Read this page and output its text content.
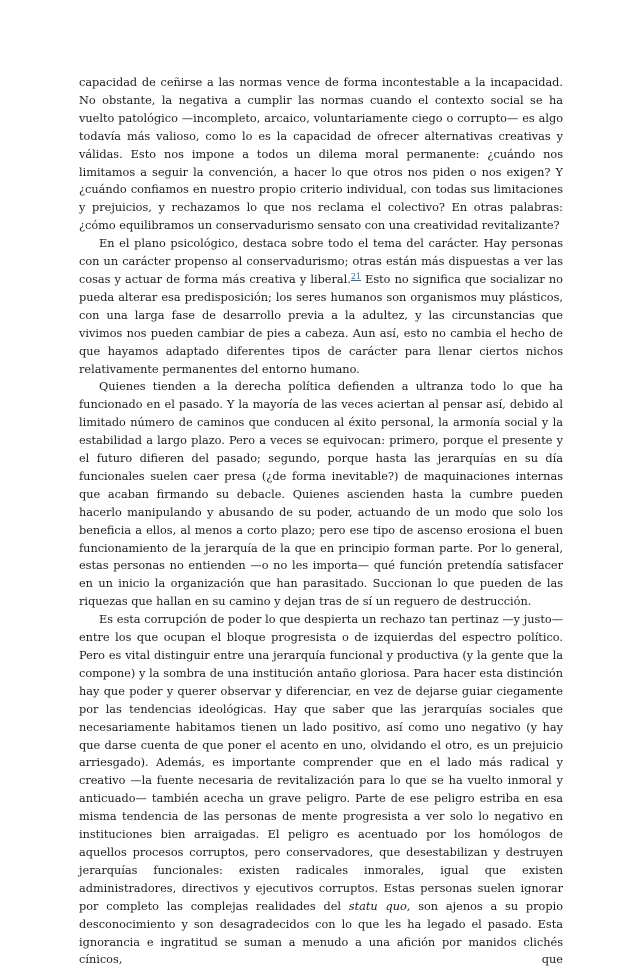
capacidad de ceñirse a las normas vence de forma incontestable a la incapacidad. No obstante, la negativa a cumplir las normas cuando el contexto social se ha vuelto patológico —incompleto, arcaico, voluntariamente ciego o corrupto— es algo todavía más valioso, como lo es la capacidad de ofrecer alternativas creativas y válidas. Esto nos impone a todos un dilema moral permanente: ¿cuándo nos limitamos a seguir la convención, a hacer lo que otros nos piden o nos exigen? Y ¿cuándo confiamos en nuestro propio criterio individual, con todas sus limitaciones y prejuicios, y rechazamos lo que nos reclama el colectivo? En otras palabras: ¿cómo equilibramos un conservadurismo sensato con una creatividad revitalizante?

En el plano psicológico, destaca sobre todo el tema del carácter. Hay personas con un carácter propenso al conservadurismo; otras están más dispuestas a ver las cosas y actuar de forma más creativa y liberal.$^{21}$ Esto no significa que socializar no pueda alterar esa predisposición; los seres humanos son organismos muy plásticos, con una larga fase de desarrollo previa a la adultez, y las circunstancias que vivimos nos pueden cambiar de pies a cabeza. Aun así, esto no cambia el hecho de que hayamos adaptado diferentes tipos de carácter para llenar ciertos nichos relativamente permanentes del entorno humano.

Quienes tienden a la derecha política defienden a ultranza todo lo que ha funcionado en el pasado. Y la mayoría de las veces aciertan al pensar así, debido al limitado número de caminos que conducen al éxito personal, la armonía social y la estabilidad a largo plazo. Pero a veces se equivocan: primero, porque el presente y el futuro difieren del pasado; segundo, porque hasta las jerarquías en su día funcionales suelen caer presa (¿de forma inevitable?) de maquinaciones internas que acaban firmando su debacle. Quienes ascienden hasta la cumbre pueden hacerlo manipulando y abusando de su poder, actuando de un modo que solo los beneficia a ellos, al menos a corto plazo; pero ese tipo de ascenso erosiona el buen funcionamiento de la jerarquía de la que en principio forman parte. Por lo general, estas personas no entienden —o no les importa— qué función pretendía satisfacer en un inicio la organización que han parasitado. Succionan lo que pueden de las riquezas que hallan en su camino y dejan tras de sí un reguero de destrucción.

Es esta corrupción de poder lo que despierta un rechazo tan pertinaz —y justo— entre los que ocupan el bloque progresista o de izquierdas del espectro político. Pero es vital distinguir entre una jerarquía funcional y productiva (y la gente que la compone) y la sombra de una institución antaño gloriosa. Para hacer esta distinción hay que poder y querer observar y diferenciar, en vez de dejarse guiar ciegamente por las tendencias ideológicas. Hay que saber que las jerarquías sociales que necesariamente habitamos tienen un lado positivo, así como uno negativo (y hay que darse cuenta de que poner el acento en uno, olvidando el otro, es un prejuicio arriesgado). Además, es importante comprender que en el lado más radical y creativo —la fuente necesaria de revitalización para lo que se ha vuelto inmoral y anticuado— también acecha un grave peligro. Parte de ese peligro estriba en esa misma tendencia de las personas de mente progresista a ver solo lo negativo en instituciones bien arraigadas. El peligro es acentuado por los homólogos de aquellos procesos corruptos, pero conservadores, que desestabilizan y destruyen jerarquías funcionales: existen radicales inmorales, igual que existen administradores, directivos y ejecutivos corruptos. Estas personas suelen ignorar por completo las complejas realidades del statu quo, son ajenos a su propio desconocimiento y son desagradecidos con lo que les ha legado el pasado. Esta ignorancia e ingratitud se suman a menudo a una afición por manidos clichés cínicos, que
